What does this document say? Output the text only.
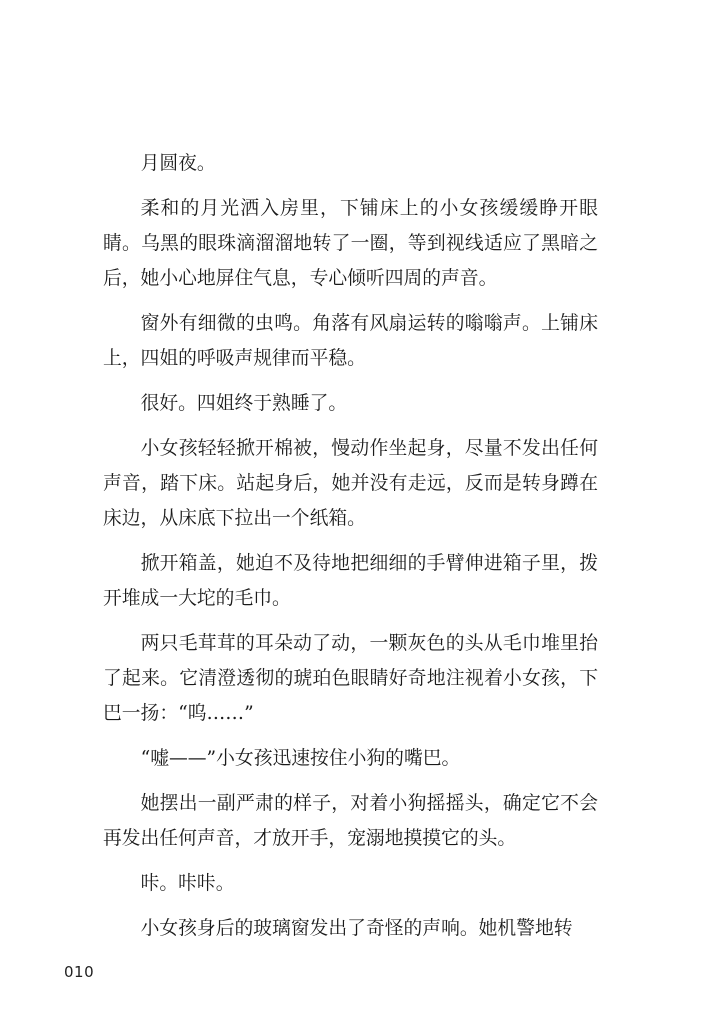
月圆夜。

柔和的月光洒入房里，下铺床上的小女孩缓缓睁开眼睛。乌黑的眼珠滴溜溜地转了一圈，等到视线适应了黑暗之后，她小心地屏住气息，专心倾听四周的声音。

窗外有细微的虫鸣。角落有风扇运转的嗡嗡声。上铺床上，四姐的呼吸声规律而平稳。

很好。四姐终于熟睡了。

小女孩轻轻掀开棉被，慢动作坐起身，尽量不发出任何声音，踏下床。站起身后，她并没有走远，反而是转身蹲在床边，从床底下拉出一个纸箱。

掀开箱盖，她迫不及待地把细细的手臂伸进箱子里，拨开堆成一大坨的毛巾。

两只毛茸茸的耳朵动了动，一颗灰色的头从毛巾堆里抬了起来。它清澄透彻的琥珀色眼睛好奇地注视着小女孩，下巴一扬：“呜……”

“嘘——”小女孩迅速按住小狗的嘴巴。

她摆出一副严肃的样子，对着小狗摇摇头，确定它不会再发出任何声音，才放开手，宠溺地摸摸它的头。

咔。咔咔。

小女孩身后的玻璃窗发出了奇怪的声响。她机警地转

010
